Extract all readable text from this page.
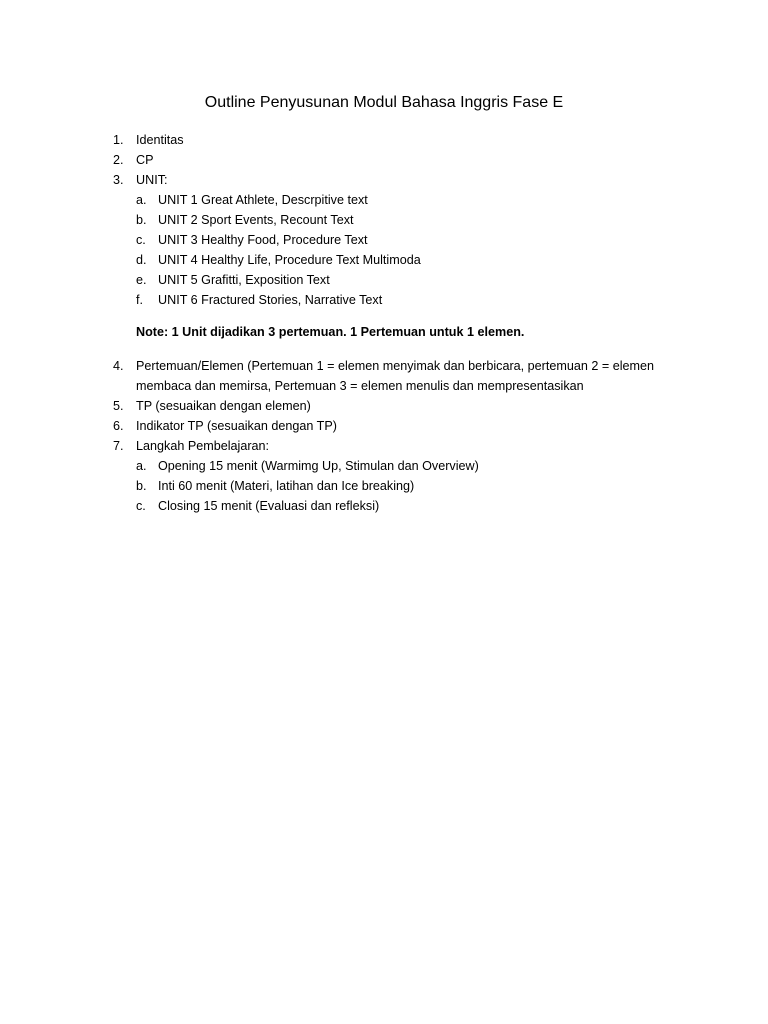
Outline Penyusunan Modul Bahasa Inggris Fase E
1. Identitas
2. CP
3. UNIT:
a. UNIT 1 Great Athlete, Descrpitive text
b. UNIT 2 Sport Events, Recount Text
c. UNIT 3 Healthy Food, Procedure Text
d. UNIT 4 Healthy Life, Procedure Text Multimoda
e. UNIT 5 Grafitti, Exposition Text
f. UNIT 6 Fractured Stories, Narrative Text
Note: 1 Unit dijadikan 3 pertemuan. 1 Pertemuan untuk 1 elemen.
4. Pertemuan/Elemen (Pertemuan 1 = elemen menyimak dan berbicara, pertemuan 2 = elemen
membaca dan memirsa, Pertemuan 3 = elemen menulis dan mempresentasikan
5. TP (sesuaikan dengan elemen)
6. Indikator TP (sesuaikan dengan TP)
7. Langkah Pembelajaran:
a. Opening 15 menit (Warmimg Up, Stimulan dan Overview)
b. Inti 60 menit (Materi, latihan dan Ice breaking)
c. Closing 15 menit (Evaluasi dan refleksi)
